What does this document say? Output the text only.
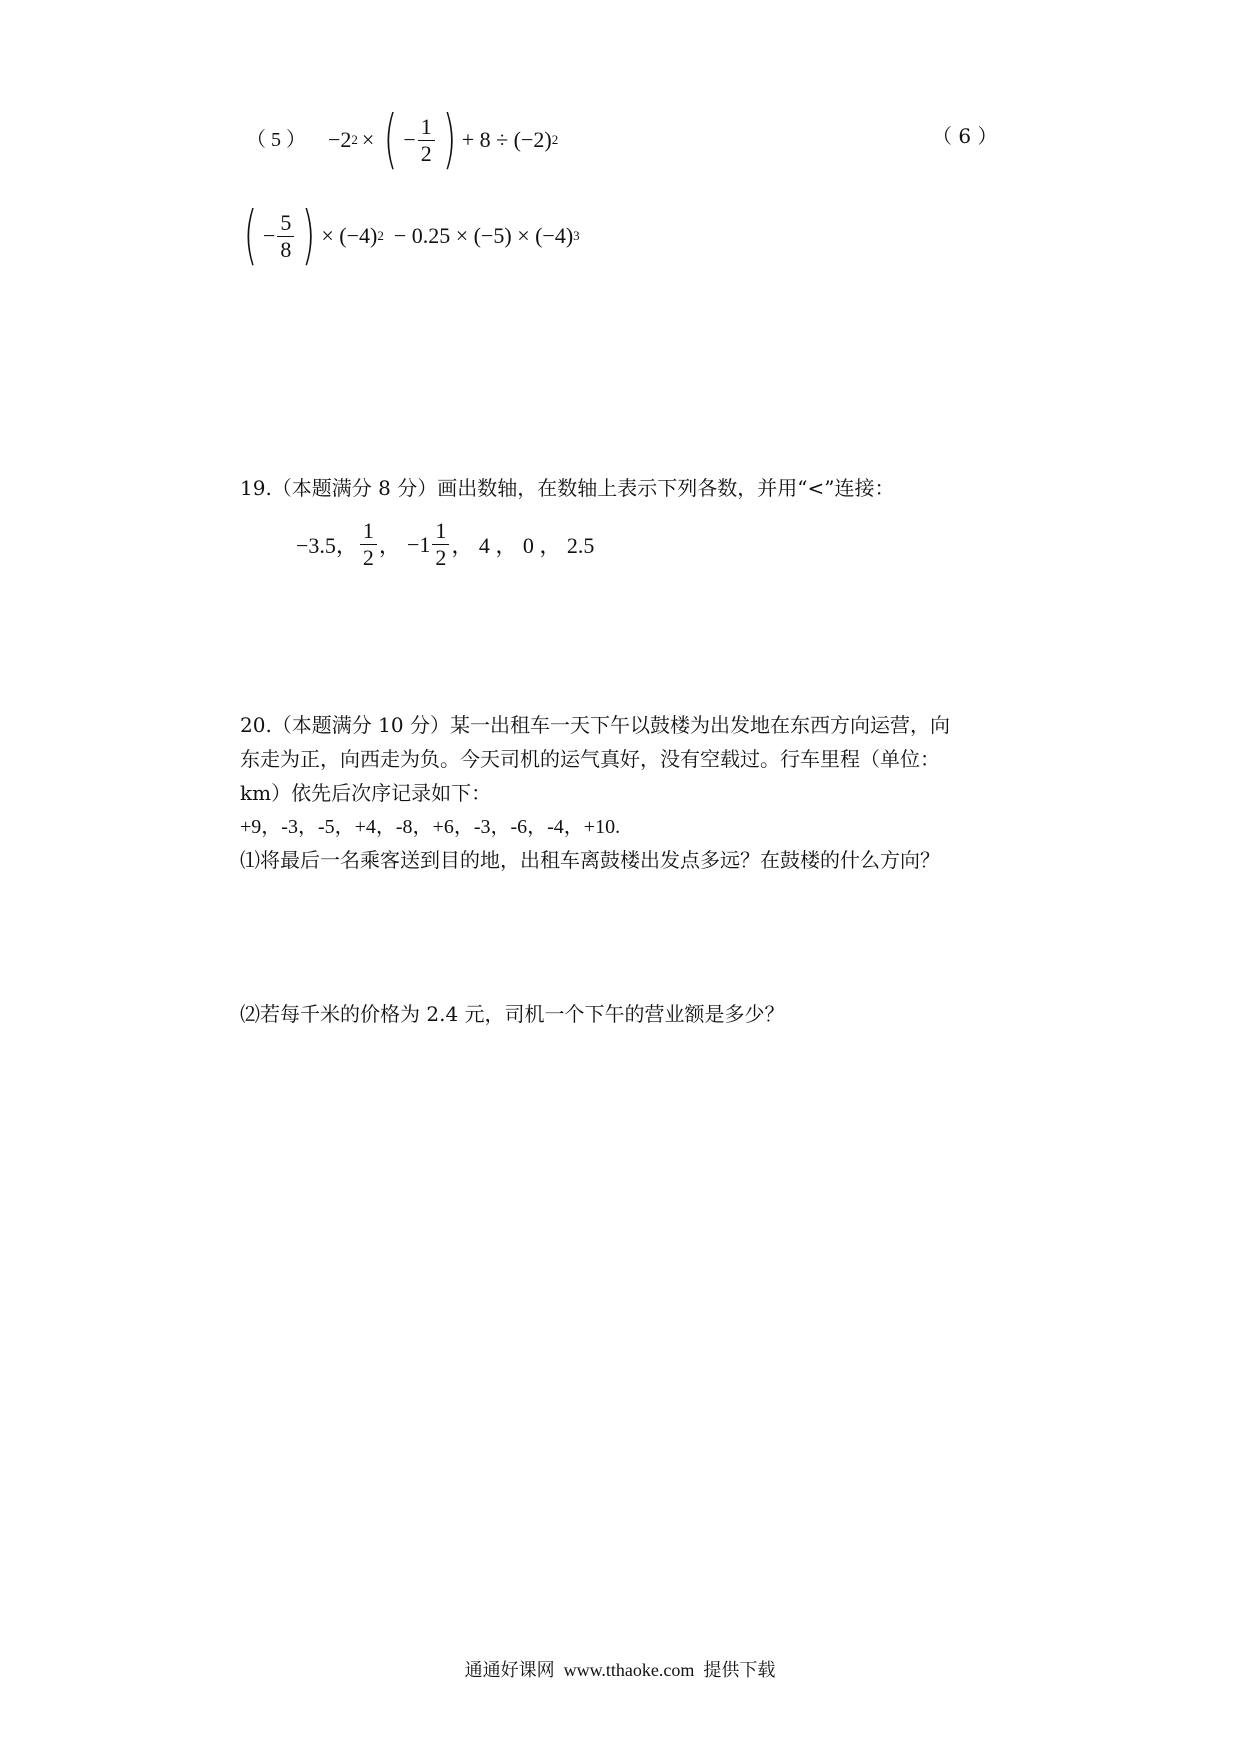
（ 5 ） −2 2 × ( − $\frac{1}{2}$ ) + 8 ÷ (−2) 2	（ 6 ）
( − $\frac{5}{8}$ ) × (−4) 2 − 0.25 × (−5) × (−4) 3
19.（本题满分 8 分）画出数轴，在数轴上表示下列各数，并用“<”连接：
−3.5， $\frac{1}{2}$ ， $-1 \frac{1}{2}$ ， 4 ， 0 ， 2.5
20.（本题满分 10 分）某一出租车一天下午以鼓楼为出发地在东西方向运营，向
东走为正，向西走为负。今天司机的运气真好，没有空载过。行车里程（单位：
km）依先后次序记录如下：
+9，-3，-5，+4，-8，+6，-3，-6，-4，+10.
⑴将最后一名乘客送到目的地，出租车离鼓楼出发点多远？在鼓楼的什么方向？
⑵若每千米的价格为 2.4 元，司机一个下午的营业额是多少？
通通好课网  www.tthaoke.com  提供下载
